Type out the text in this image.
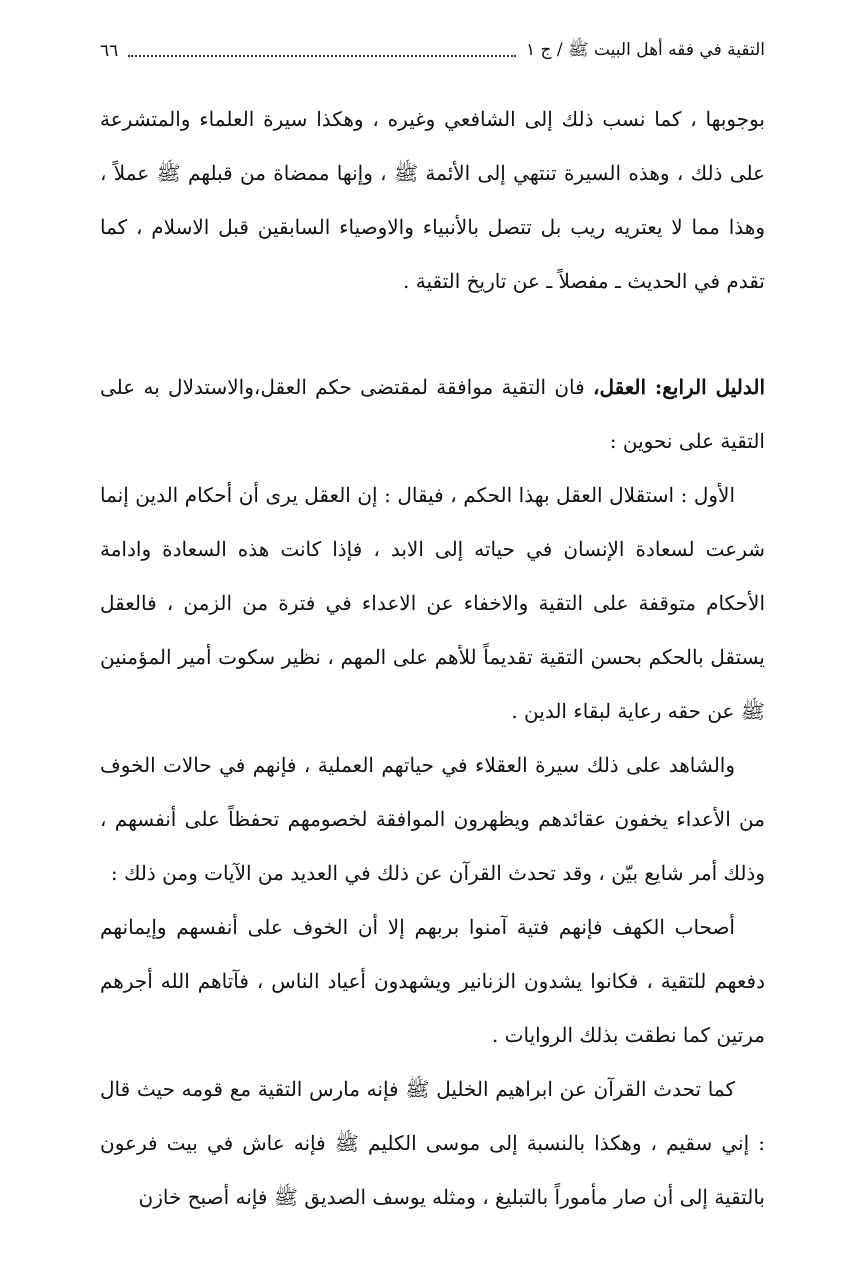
التقية في فقه أهل البيت ﷺ / ج ١
٦٦

بوجوبها ، كما نسب ذلك إلى الشافعي وغيره ، وهكذا سيرة العلماء والمتشرعة على ذلك ، وهذه السيرة تنتهي إلى الأئمة ﷺ ، وإنها ممضاة من قبلهم ﷺ عملاً ، وهذا مما لا يعتريه ريب بل تتصل بالأنبياء والاوصياء السابقين قبل الاسلام ، كما تقدم في الحديث ـ مفصلاً ـ عن تاريخ التقية .

الدليل الرابع: العقل، فان التقية موافقة لمقتضى حكم العقل،والاستدلال به على التقية على نحوين :

الأول : استقلال العقل بهذا الحكم ، فيقال : إن العقل يرى أن أحكام الدين إنما شرعت لسعادة الإنسان في حياته إلى الابد ، فإذا كانت هذه السعادة وادامة الأحكام متوقفة على التقية والاخفاء عن الاعداء في فترة من الزمن ، فالعقل يستقل بالحكم بحسن التقية تقديماً للأهم على المهم ، نظير سكوت أمير المؤمنين ﷺ عن حقه رعاية لبقاء الدين .

والشاهد على ذلك سيرة العقلاء في حياتهم العملية ، فإنهم في حالات الخوف من الأعداء يخفون عقائدهم ويظهرون الموافقة لخصومهم تحفظاً على أنفسهم ، وذلك أمر شايع بيّن ، وقد تحدث القرآن عن ذلك في العديد من الآيات ومن ذلك :

أصحاب الكهف فإنهم فتية آمنوا بربهم إلا أن الخوف على أنفسهم وإيمانهم دفعهم للتقية ، فكانوا يشدون الزنانير ويشهدون أعياد الناس ، فآتاهم الله أجرهم مرتين كما نطقت بذلك الروايات .

كما تحدث القرآن عن ابراهيم الخليل ﷺ فإنه مارس التقية مع قومه حيث قال : إني سقيم ، وهكذا بالنسبة إلى موسى الكليم ﷺ فإنه عاش في بيت فرعون بالتقية إلى أن صار مأموراً بالتبليغ ، ومثله يوسف الصديق ﷺ فإنه أصبح خازن
